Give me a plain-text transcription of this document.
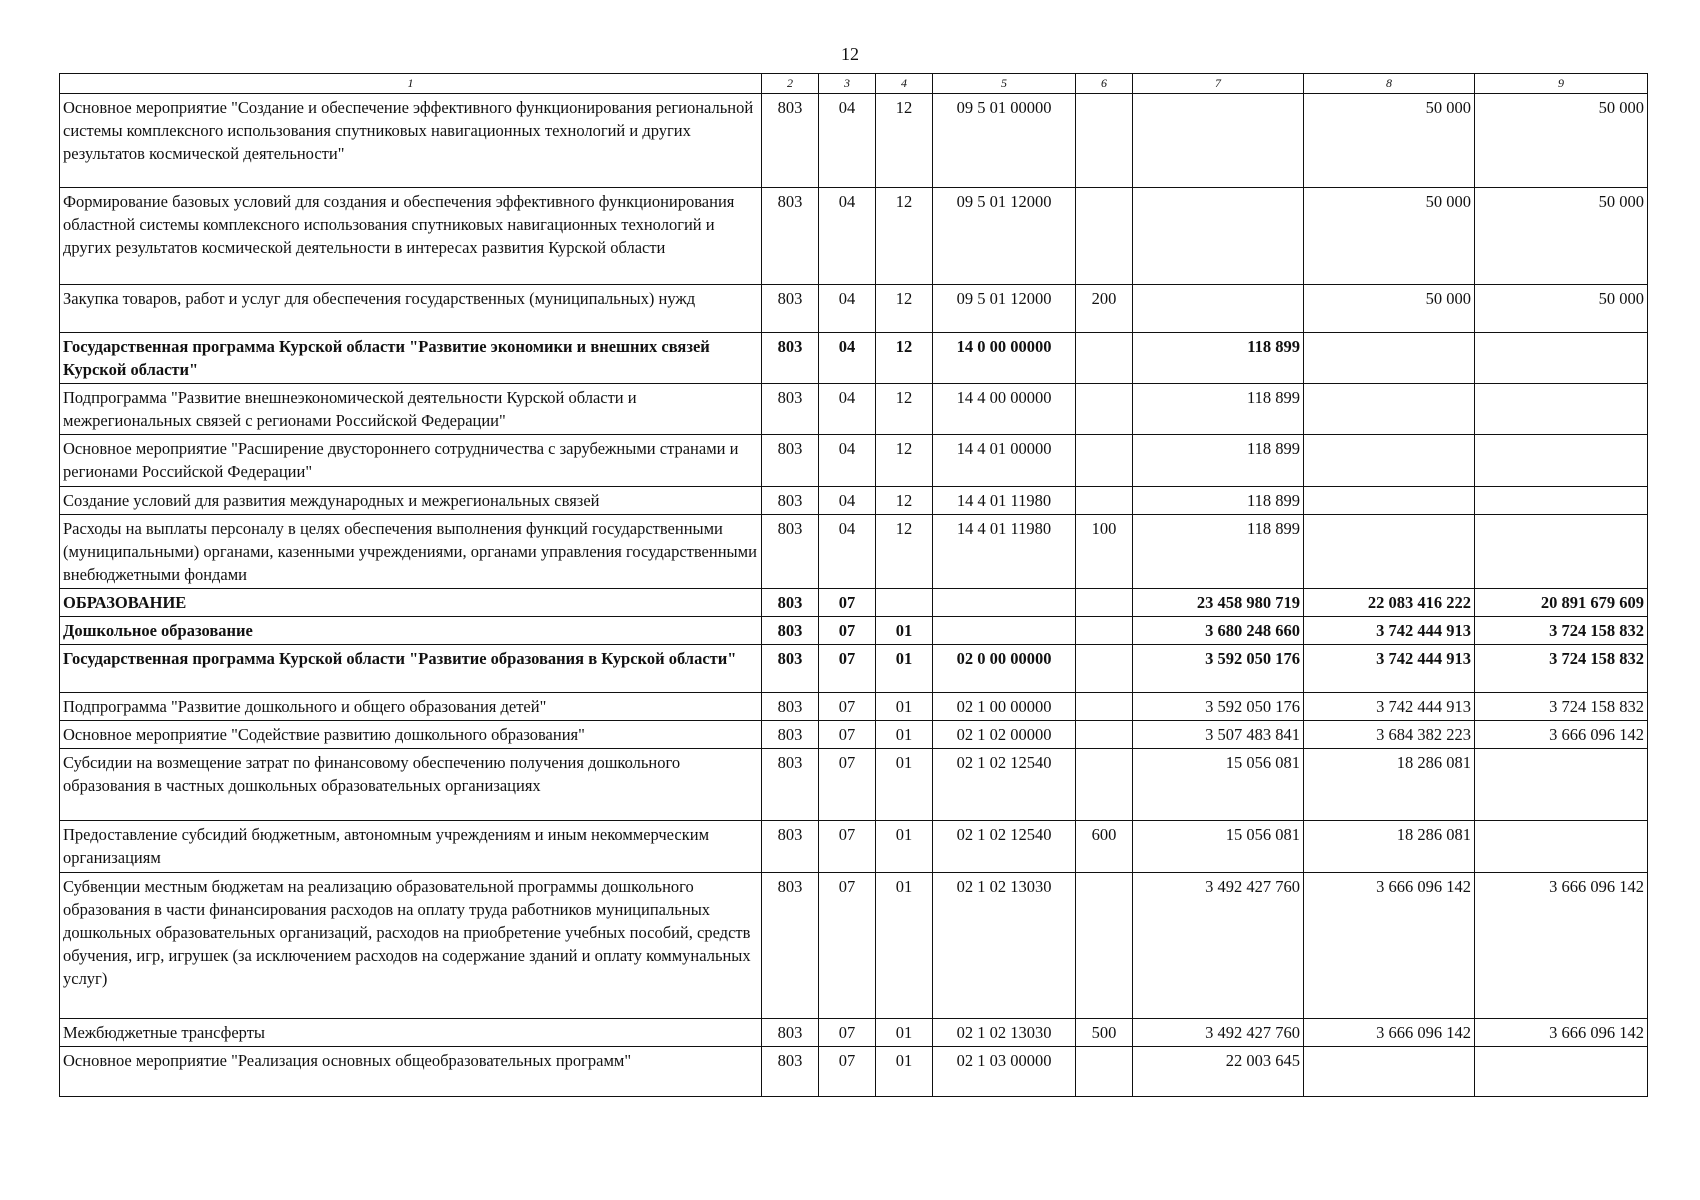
12
1	2	3	4	5	6	7	8	9
Основное мероприятие "Создание и обеспечение эффективного функционирования региональной системы комплексного использования спутниковых навигационных технологий и других результатов космической деятельности"	803	04	12	09 5 01 00000			50 000	50 000
Формирование базовых условий для создания и обеспечения эффективного функционирования областной системы комплексного использования спутниковых навигационных технологий и других результатов космической деятельности в интересах развития Курской области	803	04	12	09 5 01 12000			50 000	50 000
Закупка товаров, работ и услуг для обеспечения государственных (муниципальных) нужд	803	04	12	09 5 01 12000	200		50 000	50 000
Государственная программа Курской области "Развитие экономики и внешних связей Курской области"	803	04	12	14 0 00 00000		118 899		
Подпрограмма "Развитие внешнеэкономической деятельности Курской области и межрегиональных связей с регионами Российской Федерации"	803	04	12	14 4 00 00000		118 899		
Основное мероприятие "Расширение двустороннего сотрудничества с зарубежными странами и регионами Российской Федерации"	803	04	12	14 4 01 00000		118 899		
Создание условий для развития международных и межрегиональных связей	803	04	12	14 4 01 11980		118 899		
Расходы на выплаты персоналу в целях обеспечения выполнения функций государственными (муниципальными) органами, казенными учреждениями, органами управления государственными внебюджетными фондами	803	04	12	14 4 01 11980	100	118 899		
ОБРАЗОВАНИЕ	803	07				23 458 980 719	22 083 416 222	20 891 679 609
Дошкольное образование	803	07	01			3 680 248 660	3 742 444 913	3 724 158 832
Государственная программа Курской области "Развитие образования в Курской области"	803	07	01	02 0 00 00000		3 592 050 176	3 742 444 913	3 724 158 832
Подпрограмма "Развитие дошкольного и общего образования детей"	803	07	01	02 1 00 00000		3 592 050 176	3 742 444 913	3 724 158 832
Основное мероприятие "Содействие развитию дошкольного образования"	803	07	01	02 1 02 00000		3 507 483 841	3 684 382 223	3 666 096 142
Субсидии на возмещение затрат по финансовому обеспечению получения дошкольного образования в частных дошкольных образовательных организациях	803	07	01	02 1 02 12540		15 056 081	18 286 081	
Предоставление субсидий бюджетным, автономным учреждениям и иным некоммерческим организациям	803	07	01	02 1 02 12540	600	15 056 081	18 286 081	
Субвенции местным бюджетам на реализацию образовательной программы дошкольного образования в части финансирования расходов на оплату труда работников муниципальных дошкольных образовательных организаций, расходов на приобретение учебных пособий, средств обучения, игр, игрушек (за исключением расходов на содержание зданий и оплату коммунальных услуг)	803	07	01	02 1 02 13030		3 492 427 760	3 666 096 142	3 666 096 142
Межбюджетные трансферты	803	07	01	02 1 02 13030	500	3 492 427 760	3 666 096 142	3 666 096 142
Основное мероприятие "Реализация основных общеобразовательных программ"	803	07	01	02 1 03 00000		22 003 645		
